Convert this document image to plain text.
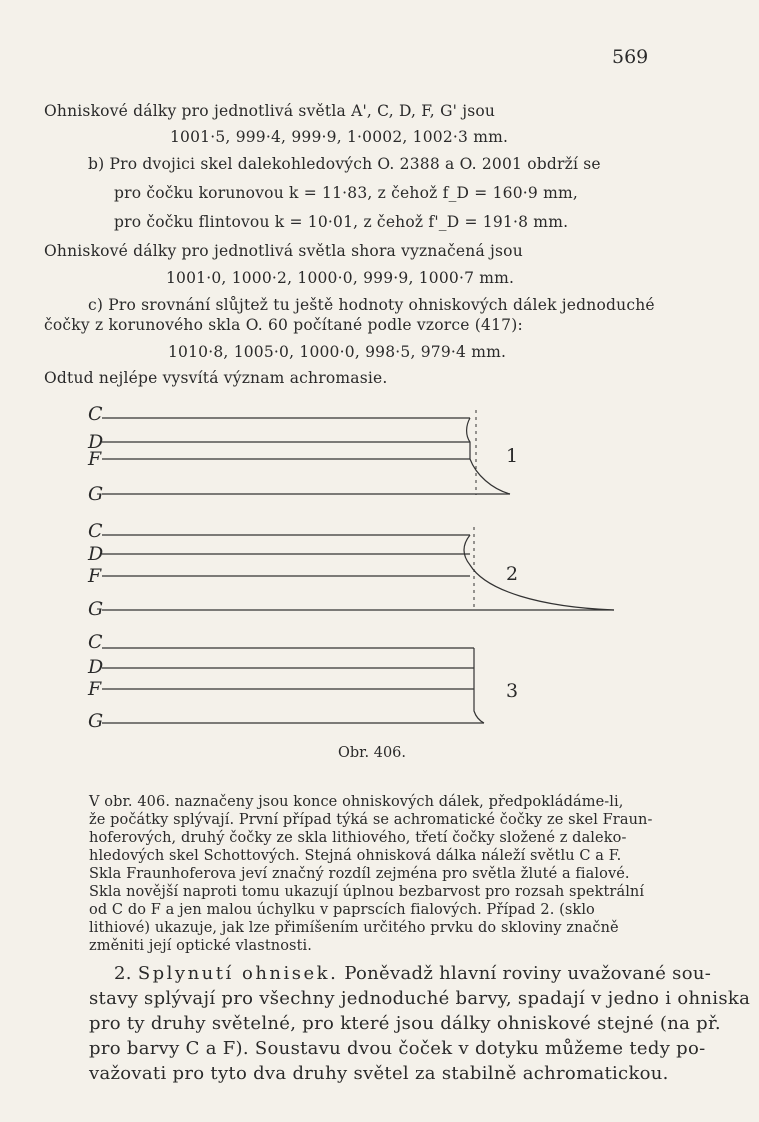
569
Ohniskové dálky pro jednotlivá světla A', C, D, F, G' jsou
1001·5, 999·4, 999·9, 1·0002, 1002·3 mm.
b) Pro dvojici skel dalekohledových O. 2388 a O. 2001 obdrží se
pro čočku korunovou k = 11·83, z čehož f_D = 160·9 mm,
pro čočku flintovou k = 10·01, z čehož f'_D = 191·8 mm.
Ohniskové dálky pro jednotlivá světla shora vyznačená jsou
1001·0, 1000·2, 1000·0, 999·9, 1000·7 mm.
c) Pro srovnání slůjtež tu ještě hodnoty ohniskových dálek jednoduché
čočky z korunového skla O. 60 počítané podle vzorce (417):
1010·8, 1005·0, 1000·0, 998·5, 979·4 mm.
Odtud nejlépe vysvítá význam achromasie.
C
D
F
G
C
D
F
G
C
D
F
G
1
2
3
Obr. 406.
V obr. 406. naznačeny jsou konce ohniskových dálek, předpokládáme-li,
že počátky splývají. První případ týká se achromatické čočky ze skel Fraun-
hoferových, druhý čočky ze skla lithiového, třetí čočky složené z daleko-
hledových skel Schottových. Stejná ohnisková dálka náleží světlu C a F.
Skla Fraunhoferova jeví značný rozdíl zejména pro světla žluté a fialové.
Skla novější naproti tomu ukazují úplnou bezbarvost pro rozsah spektrální
od C do F a jen malou úchylku v paprscích fialových. Případ 2. (sklo
lithiové) ukazuje, jak lze přimíšením určitého prvku do skloviny značně
změniti její optické vlastnosti.
2. Splynutí ohnisek. Poněvadž hlavní roviny uvažované sou-
stavy splývají pro všechny jednoduché barvy, spadají v jedno i ohniska
pro ty druhy světelné, pro které jsou dálky ohniskové stejné (na př.
pro barvy C a F). Soustavu dvou čoček v dotyku můžeme tedy po-
važovati pro tyto dva druhy světel za stabilně achromatickou.
